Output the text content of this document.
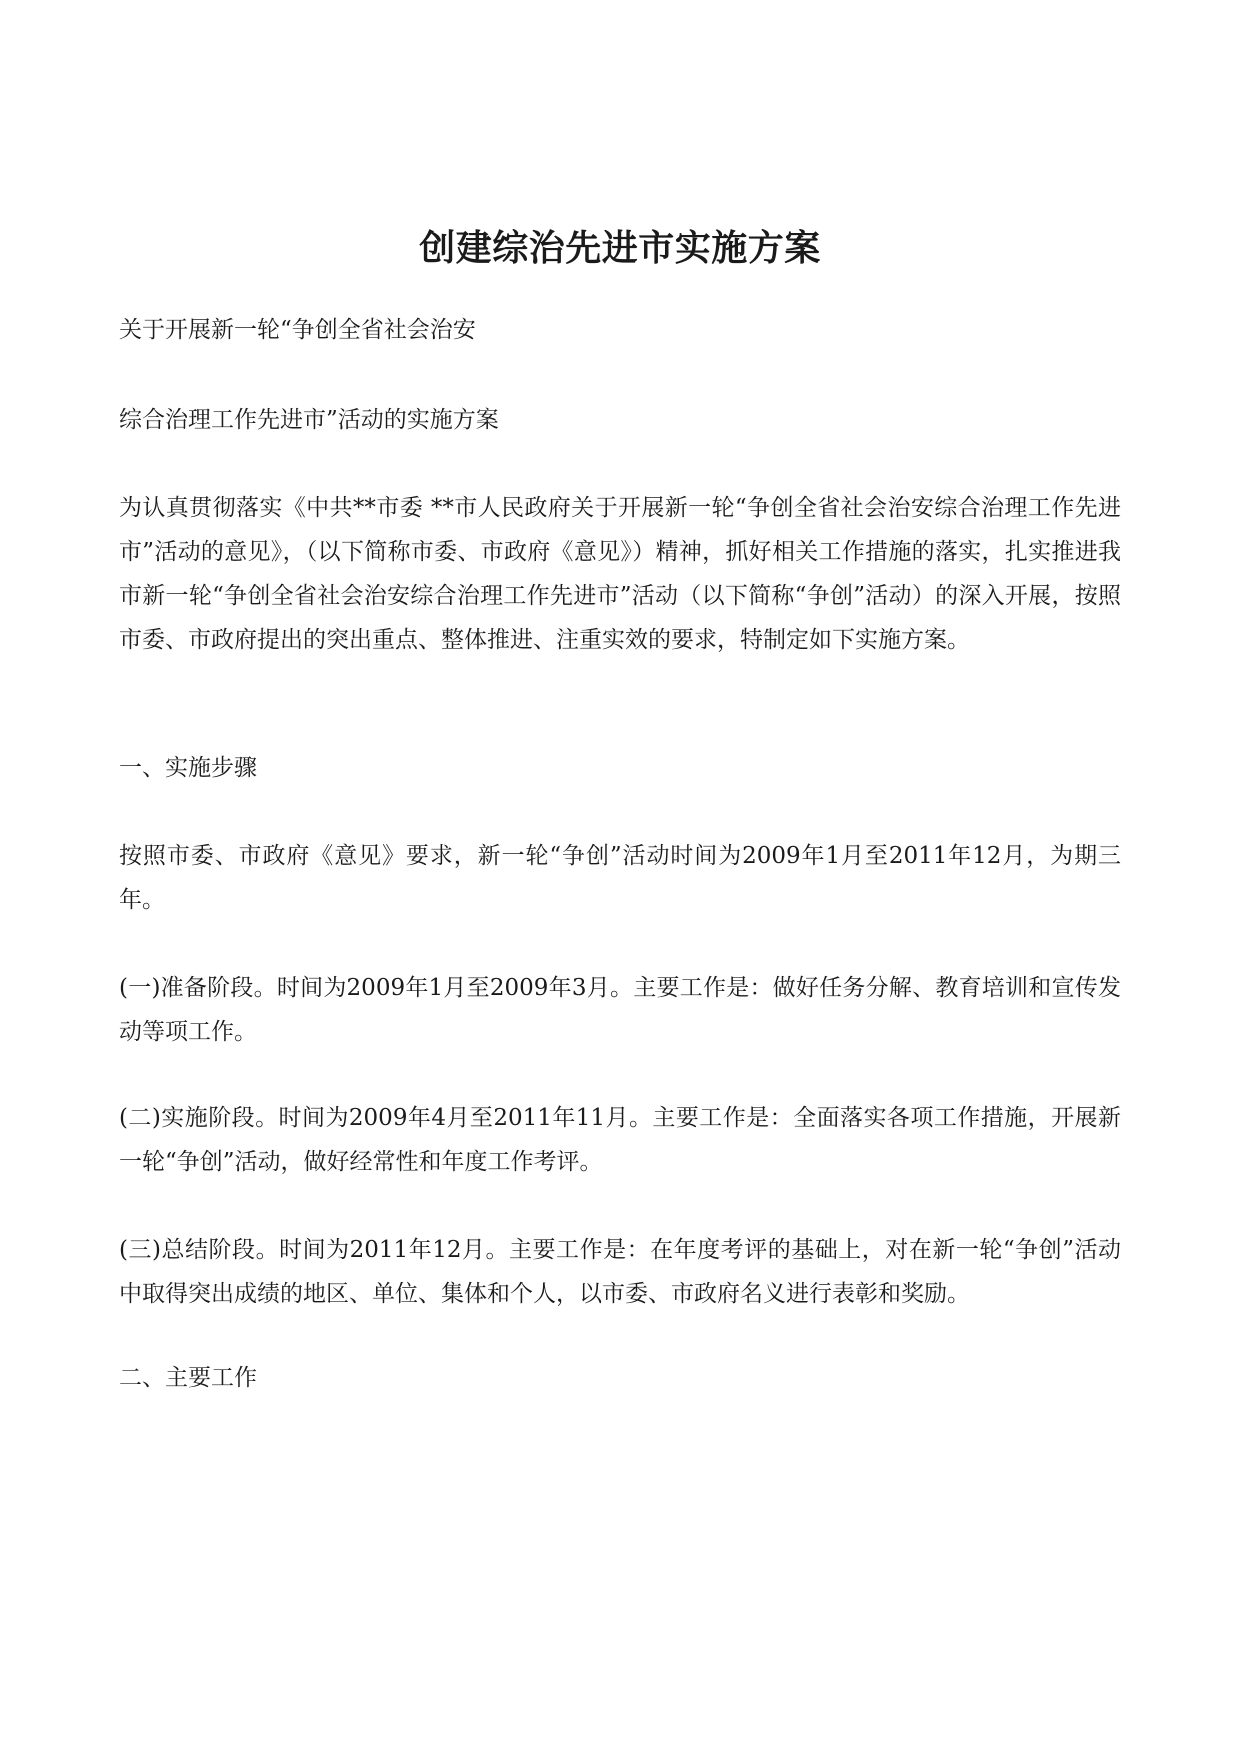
创建综治先进市实施方案

关于开展新一轮“争创全省社会治安

综合治理工作先进市”活动的实施方案

为认真贯彻落实《中共**市委 **市人民政府关于开展新一轮“争创全省社会治安综合治理工作先进市”活动的意见》，（以下简称市委、市政府《意见》）精神，抓好相关工作措施的落实，扎实推进我市新一轮“争创全省社会治安综合治理工作先进市”活动（以下简称“争创”活动）的深入开展，按照市委、市政府提出的突出重点、整体推进、注重实效的要求，特制定如下实施方案。

一、实施步骤

按照市委、市政府《意见》要求，新一轮“争创”活动时间为2009年1月至2011年12月，为期三年。

(一)准备阶段。时间为2009年1月至2009年3月。主要工作是：做好任务分解、教育培训和宣传发动等项工作。

(二)实施阶段。时间为2009年4月至2011年11月。主要工作是：全面落实各项工作措施，开展新一轮“争创”活动，做好经常性和年度工作考评。

(三)总结阶段。时间为2011年12月。主要工作是：在年度考评的基础上，对在新一轮“争创”活动中取得突出成绩的地区、单位、集体和个人，以市委、市政府名义进行表彰和奖励。

二、主要工作
